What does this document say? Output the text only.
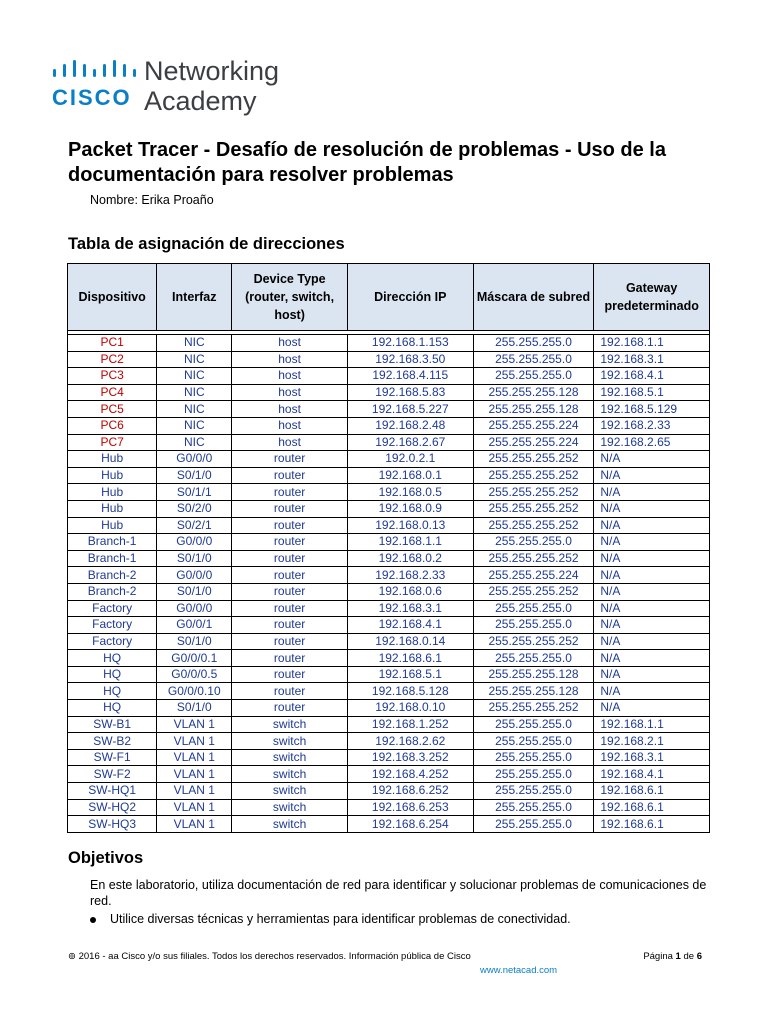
CISCO
Networking
Academy
Packet Tracer - Desafío de resolución de problemas - Uso de la documentación para resolver problemas
Nombre: Erika Proaño
Tabla de asignación de direcciones
Dispositivo	Interfaz	Device Type (router, switch, host)	Dirección IP	Máscara de subred	Gateway predeterminado

PC1	NIC	host	192.168.1.153	255.255.255.0	192.168.1.1
PC2	NIC	host	192.168.3.50	255.255.255.0	192.168.3.1
PC3	NIC	host	192.168.4.115	255.255.255.0	192.168.4.1
PC4	NIC	host	192.168.5.83	255.255.255.128	192.168.5.1
PC5	NIC	host	192.168.5.227	255.255.255.128	192.168.5.129
PC6	NIC	host	192.168.2.48	255.255.255.224	192.168.2.33
PC7	NIC	host	192.168.2.67	255.255.255.224	192.168.2.65
Hub	G0/0/0	router	192.0.2.1	255.255.255.252	N/A
Hub	S0/1/0	router	192.168.0.1	255.255.255.252	N/A
Hub	S0/1/1	router	192.168.0.5	255.255.255.252	N/A
Hub	S0/2/0	router	192.168.0.9	255.255.255.252	N/A
Hub	S0/2/1	router	192.168.0.13	255.255.255.252	N/A
Branch-1	G0/0/0	router	192.168.1.1	255.255.255.0	N/A
Branch-1	S0/1/0	router	192.168.0.2	255.255.255.252	N/A
Branch-2	G0/0/0	router	192.168.2.33	255.255.255.224	N/A
Branch-2	S0/1/0	router	192.168.0.6	255.255.255.252	N/A
Factory	G0/0/0	router	192.168.3.1	255.255.255.0	N/A
Factory	G0/0/1	router	192.168.4.1	255.255.255.0	N/A
Factory	S0/1/0	router	192.168.0.14	255.255.255.252	N/A
HQ	G0/0/0.1	router	192.168.6.1	255.255.255.0	N/A
HQ	G0/0/0.5	router	192.168.5.1	255.255.255.128	N/A
HQ	G0/0/0.10	router	192.168.5.128	255.255.255.128	N/A
HQ	S0/1/0	router	192.168.0.10	255.255.255.252	N/A
SW-B1	VLAN 1	switch	192.168.1.252	255.255.255.0	192.168.1.1
SW-B2	VLAN 1	switch	192.168.2.62	255.255.255.0	192.168.2.1
SW-F1	VLAN 1	switch	192.168.3.252	255.255.255.0	192.168.3.1
SW-F2	VLAN 1	switch	192.168.4.252	255.255.255.0	192.168.4.1
SW-HQ1	VLAN 1	switch	192.168.6.252	255.255.255.0	192.168.6.1
SW-HQ2	VLAN 1	switch	192.168.6.253	255.255.255.0	192.168.6.1
SW-HQ3	VLAN 1	switch	192.168.6.254	255.255.255.0	192.168.6.1
Objetivos
En este laboratorio, utiliza documentación de red para identificar y solucionar problemas de comunicaciones de red.
Utilice diversas técnicas y herramientas para identificar problemas de conectividad.
⊚ 2016 - aa Cisco y/o sus filiales. Todos los derechos reservados. Información pública de Cisco	Página 1 de 6
www.netacad.com
